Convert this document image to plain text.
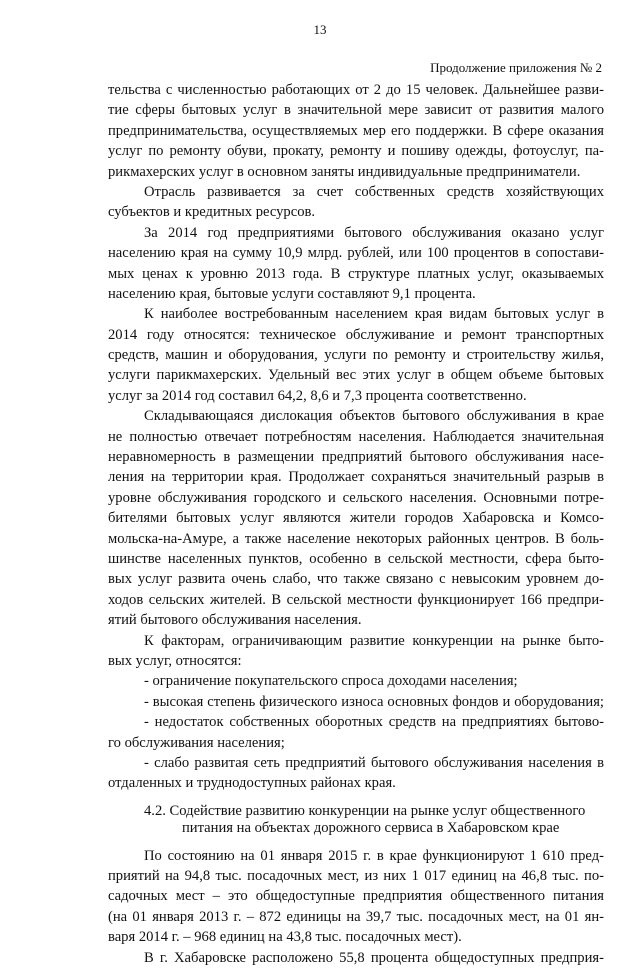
13
Продолжение приложения № 2
тельства с численностью работающих от 2 до 15 человек. Дальнейшее разви-
тие сферы бытовых услуг в значительной мере зависит от развития малого
предпринимательства, осуществляемых мер его поддержки. В сфере оказания
услуг по ремонту обуви, прокату, ремонту и пошиву одежды, фотоуслуг, па-
рикмахерских услуг в основном заняты индивидуальные предприниматели.
Отрасль развивается за счет собственных средств хозяйствующих
субъектов и кредитных ресурсов.
За 2014 год предприятиями бытового обслуживания оказано услуг
населению края на сумму 10,9 млрд. рублей, или 100 процентов в сопостави-
мых ценах к уровню 2013 года. В структуре платных услуг, оказываемых
населению края, бытовые услуги составляют 9,1 процента.
К наиболее востребованным населением края видам бытовых услуг в
2014 году относятся: техническое обслуживание и ремонт транспортных
средств, машин и оборудования, услуги по ремонту и строительству жилья,
услуги парикмахерских. Удельный вес этих услуг в общем объеме бытовых
услуг за 2014 год составил 64,2, 8,6 и 7,3 процента соответственно.
Складывающаяся дислокация объектов бытового обслуживания в крае
не полностью отвечает потребностям населения. Наблюдается значительная
неравномерность в размещении предприятий бытового обслуживания насе-
ления на территории края. Продолжает сохраняться значительный разрыв в
уровне обслуживания городского и сельского населения. Основными потре-
бителями бытовых услуг являются жители городов Хабаровска и Комсо-
мольска-на-Амуре, а также население некоторых районных центров. В боль-
шинстве населенных пунктов, особенно в сельской местности, сфера быто-
вых услуг развита очень слабо, что также связано с невысоким уровнем до-
ходов сельских жителей. В сельской местности функционирует 166 предпри-
ятий бытового обслуживания населения.
К факторам, ограничивающим развитие конкуренции на рынке быто-
вых услуг, относятся:
- ограничение покупательского спроса доходами населения;
- высокая степень физического износа основных фондов и оборудования;
- недостаток собственных оборотных средств на предприятиях бытово-
го обслуживания населения;
- слабо развитая сеть предприятий бытового обслуживания населения в
отдаленных и труднодоступных районах края.
4.2. Содействие развитию конкуренции на рынке услуг общественного
питания на объектах дорожного сервиса в Хабаровском крае
По состоянию на 01 января 2015 г. в крае функционируют 1 610 пред-
приятий на 94,8 тыс. посадочных мест, из них 1 017 единиц на 46,8 тыс. по-
садочных мест – это общедоступные предприятия общественного питания
(на 01 января 2013 г. – 872 единицы на 39,7 тыс. посадочных мест, на 01 ян-
варя 2014 г. – 968 единиц на 43,8 тыс. посадочных мест).
В г. Хабаровске расположено 55,8 процента общедоступных предприя-
